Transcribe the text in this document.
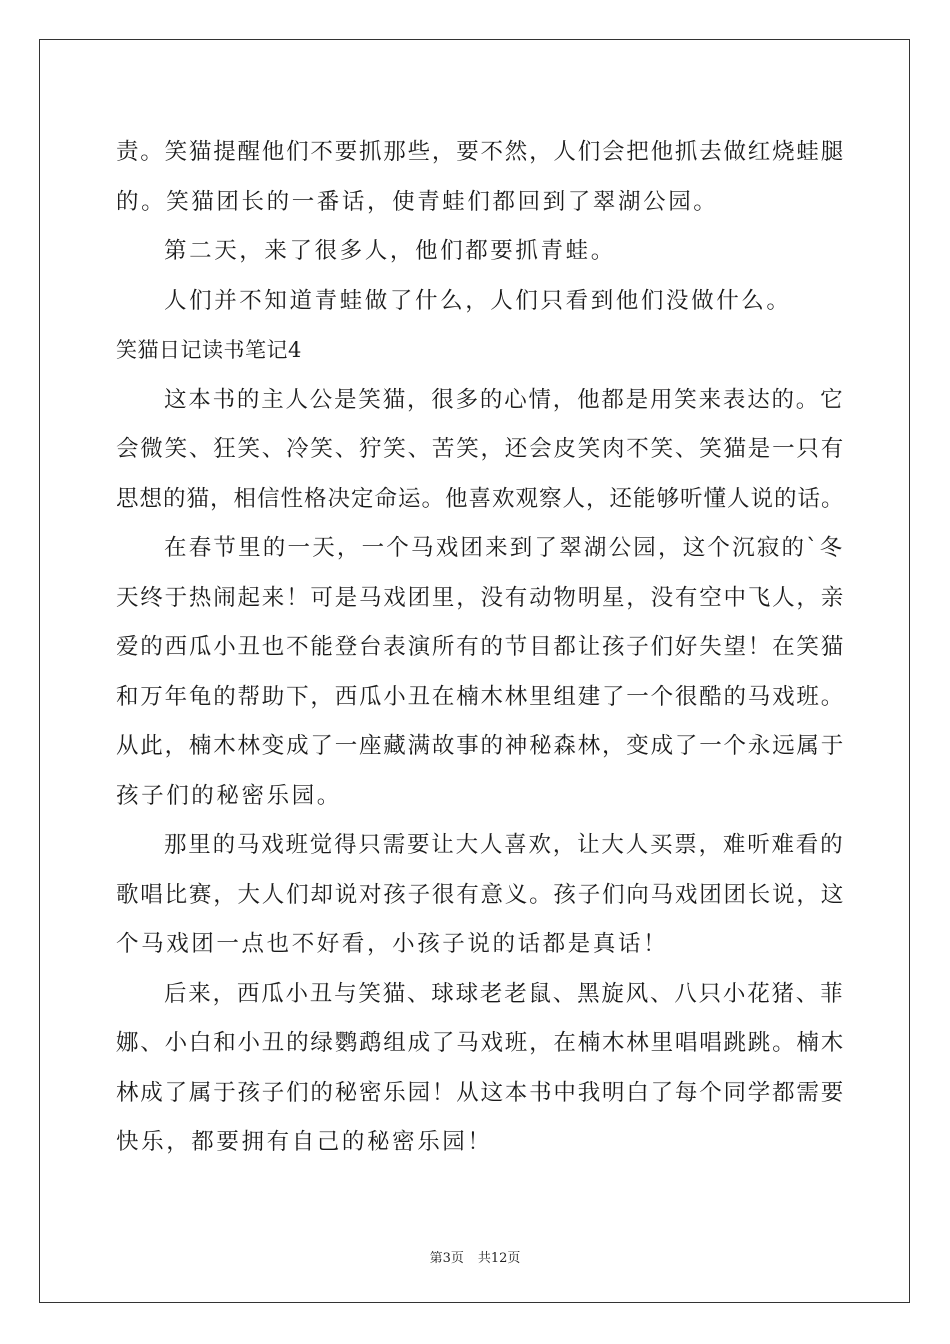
责。笑猫提醒他们不要抓那些，要不然，人们会把他抓去做红烧蛙腿
的。笑猫团长的一番话，使青蛙们都回到了翠湖公园。
第二天，来了很多人，他们都要抓青蛙。
人们并不知道青蛙做了什么，人们只看到他们没做什么。
笑猫日记读书笔记4
这本书的主人公是笑猫，很多的心情，他都是用笑来表达的。它
会微笑、狂笑、冷笑、狞笑、苦笑，还会皮笑肉不笑、笑猫是一只有
思想的猫，相信性格决定命运。他喜欢观察人，还能够听懂人说的话。
在春节里的一天，一个马戏团来到了翠湖公园，这个沉寂的`冬
天终于热闹起来！可是马戏团里，没有动物明星，没有空中飞人，亲
爱的西瓜小丑也不能登台表演所有的节目都让孩子们好失望！在笑猫
和万年龟的帮助下，西瓜小丑在楠木林里组建了一个很酷的马戏班。
从此，楠木林变成了一座藏满故事的神秘森林，变成了一个永远属于
孩子们的秘密乐园。
那里的马戏班觉得只需要让大人喜欢，让大人买票，难听难看的
歌唱比赛，大人们却说对孩子很有意义。孩子们向马戏团团长说，这
个马戏团一点也不好看，小孩子说的话都是真话！
后来，西瓜小丑与笑猫、球球老老鼠、黑旋风、八只小花猪、菲
娜、小白和小丑的绿鹦鹉组成了马戏班，在楠木林里唱唱跳跳。楠木
林成了属于孩子们的秘密乐园！从这本书中我明白了每个同学都需要
快乐，都要拥有自己的秘密乐园！
第3页 共12页
